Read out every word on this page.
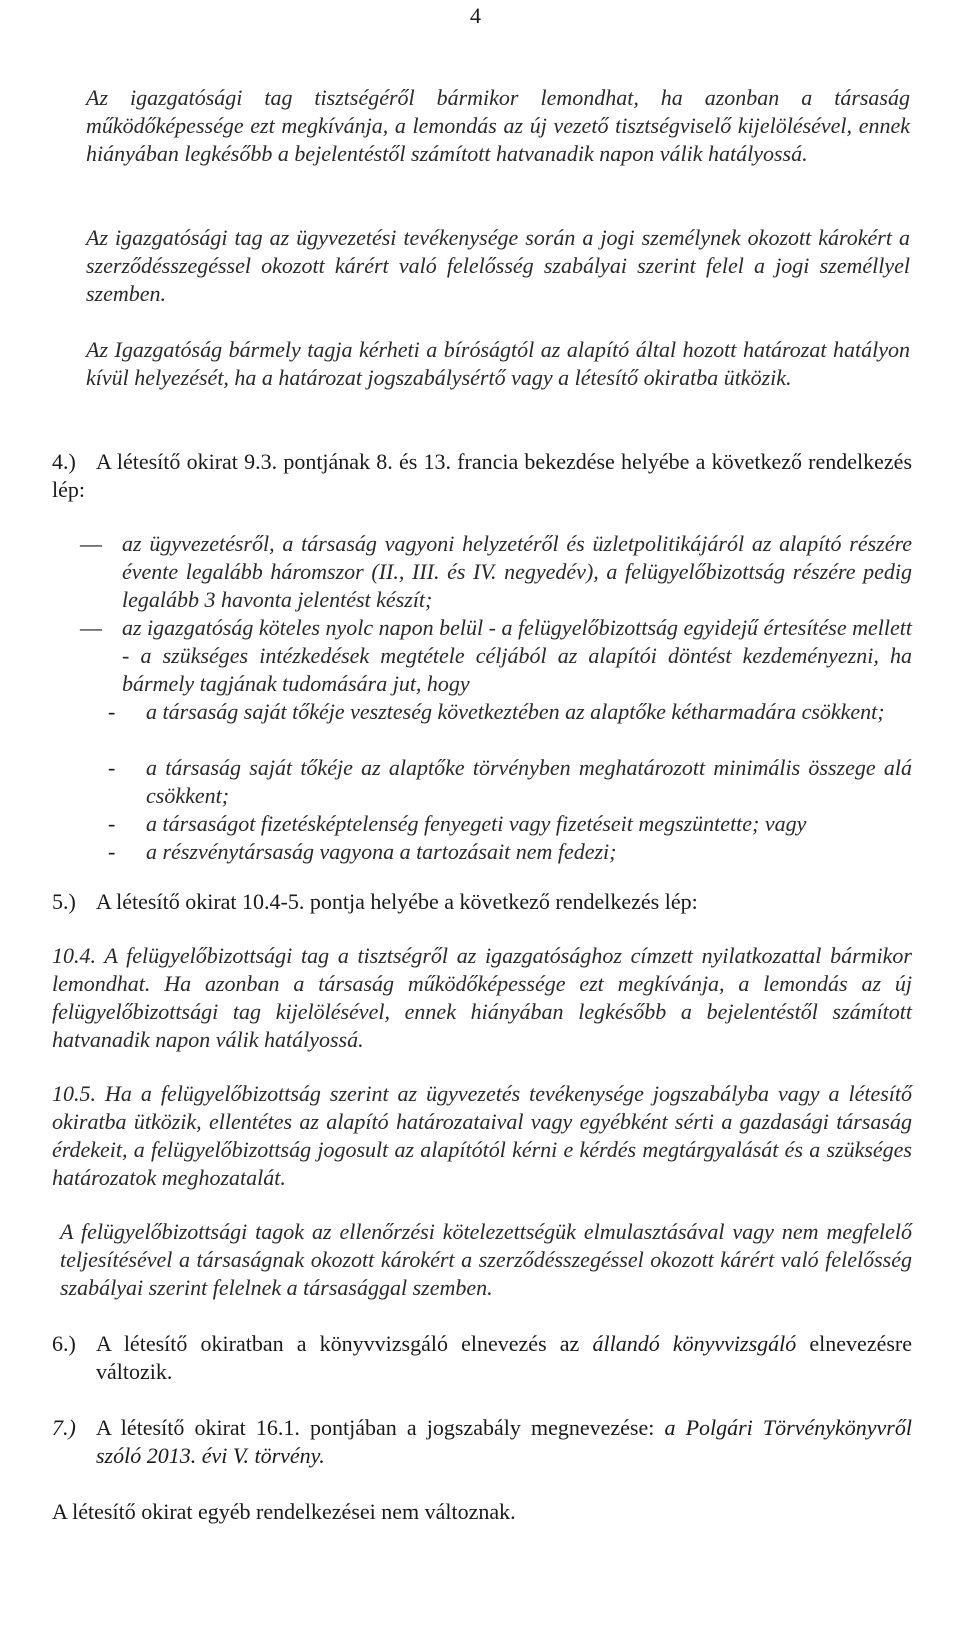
4

Az igazgatósági tag tisztségéről bármikor lemondhat, ha azonban a társaság működőképessége ezt megkívánja, a lemondás az új vezető tisztségviselő kijelölésével, ennek hiányában legkésőbb a bejelentéstől számított hatvanadik napon válik hatályossá.

Az igazgatósági tag az ügyvezetési tevékenysége során a jogi személynek okozott károkért a szerződésszegéssel okozott kárért való felelősség szabályai szerint felel a jogi személlyel szemben.

Az Igazgatóság bármely tagja kérheti a bíróságtól az alapító által hozott határozat hatályon kívül helyezését, ha a határozat jogszabálysértő vagy a létesítő okiratba ütközik.

4.) A létesítő okirat 9.3. pontjának 8. és 13. francia bekezdése helyébe a következő rendelkezés lép:

— az ügyvezetésről, a társaság vagyoni helyzetéről és üzletpolitikájáról az alapító részére évente legalább háromszor (II., III. és IV. negyedév), a felügyelőbizottság részére pedig legalább 3 havonta jelentést készít;

— az igazgatóság köteles nyolc napon belül - a felügyelőbizottság egyidejű értesítése mellett - a szükséges intézkedések megtétele céljából az alapítói döntést kezdeményezni, ha bármely tagjának tudomására jut, hogy

- a társaság saját tőkéje veszteség következtében az alaptőke kétharmadára csökkent;

- a társaság saját tőkéje az alaptőke törvényben meghatározott minimális összege alá csökkent;

- a társaságot fizetésképtelenség fenyegeti vagy fizetéseit megszüntette; vagy

- a részvénytársaság vagyona a tartozásait nem fedezi;

5.) A létesítő okirat 10.4-5. pontja helyébe a következő rendelkezés lép:

10.4. A felügyelőbizottsági tag a tisztségről az igazgatósághoz címzett nyilatkozattal bármikor lemondhat. Ha azonban a társaság működőképessége ezt megkívánja, a lemondás az új felügyelőbizottsági tag kijelölésével, ennek hiányában legkésőbb a bejelentéstől számított hatvanadik napon válik hatályossá.

10.5. Ha a felügyelőbizottság szerint az ügyvezetés tevékenysége jogszabályba vagy a létesítő okiratba ütközik, ellentétes az alapító határozataival vagy egyébként sérti a gazdasági társaság érdekeit, a felügyelőbizottság jogosult az alapítótól kérni e kérdés megtárgyalását és a szükséges határozatok meghozatalát.

A felügyelőbizottsági tagok az ellenőrzési kötelezettségük elmulasztásával vagy nem megfelelő teljesítésével a társaságnak okozott károkért a szerződésszegéssel okozott kárért való felelősség szabályai szerint felelnek a társasággal szemben.

6.) A létesítő okiratban a könyvvizsgáló elnevezés az állandó könyvvizsgáló elnevezésre változik.

7.) A létesítő okirat 16.1. pontjában a jogszabály megnevezése: a Polgári Törvénykönyvről szóló 2013. évi V. törvény.

A létesítő okirat egyéb rendelkezései nem változnak.
